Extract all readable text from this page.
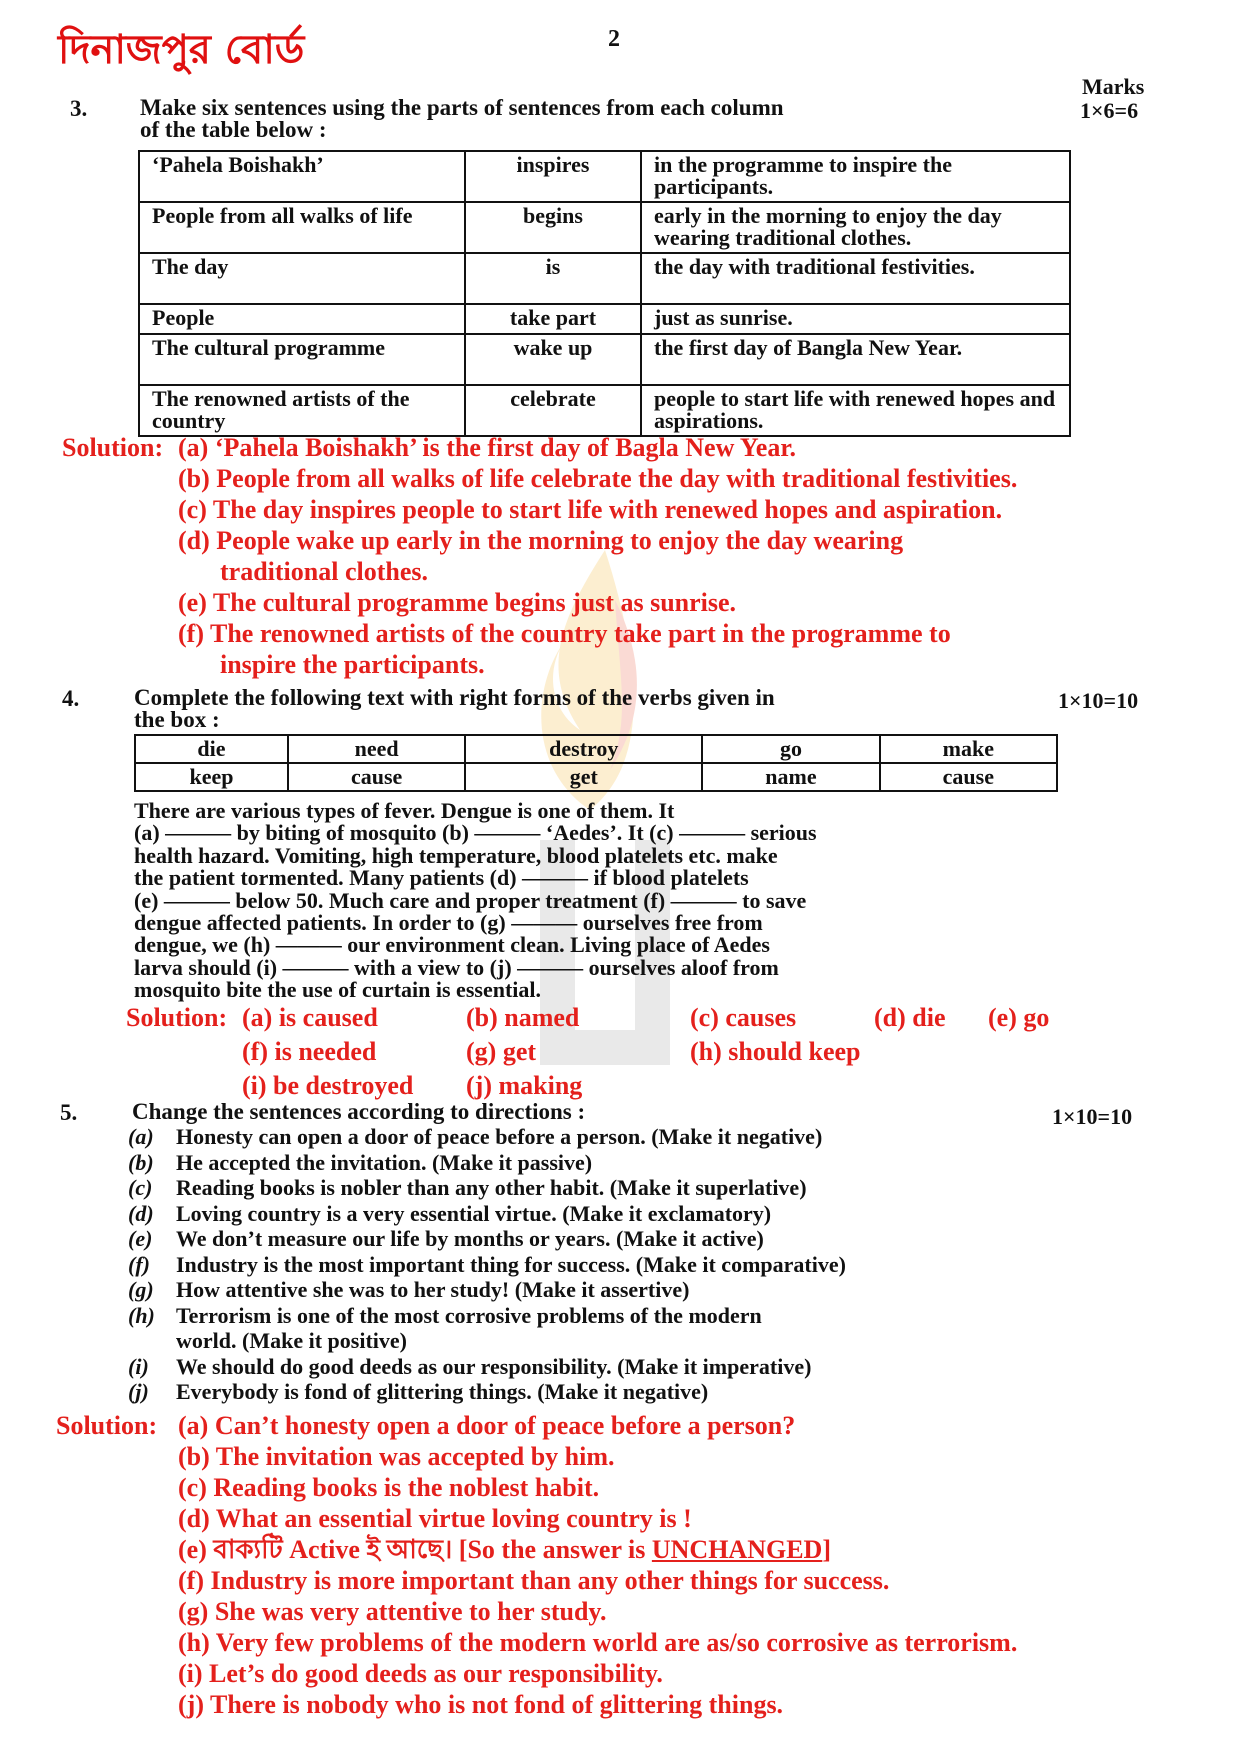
দিনাজপুর বোর্ড	2
Marks
3. Make six sentences using the parts of sentences from each column
of the table below :
1×6=6
‘Pahela Boishakh’	inspires	in the programme to inspire the participants.
People from all walks of life	begins	early in the morning to enjoy the day wearing traditional clothes.
The day	is	the day with traditional festivities.
People	take part	just as sunrise.
The cultural programme	wake up	the first day of Bangla New Year.
The renowned artists of the country	celebrate	people to start life with renewed hopes and aspirations.
Solution: (a) ‘Pahela Boishakh’ is the first day of Bagla New Year.
(b) People from all walks of life celebrate the day with traditional festivities.
(c) The day inspires people to start life with renewed hopes and aspiration.
(d) People wake up early in the morning to enjoy the day wearing
traditional clothes.
(e) The cultural programme begins just as sunrise.
(f) The renowned artists of the country take part in the programme to
inspire the participants.
4. Complete the following text with right forms of the verbs given in
the box :
1×10=10
die	need	destroy	go	make
keep	cause	get	name	cause
There are various types of fever. Dengue is one of them. It
(a) ——— by biting of mosquito (b) ——— ‘Aedes’. It (c) ——— serious
health hazard. Vomiting, high temperature, blood platelets etc. make
the patient tormented. Many patients (d) ——— if blood platelets
(e) ——— below 50. Much care and proper treatment (f) ——— to save
dengue affected patients. In order to (g) ——— ourselves free from
dengue, we (h) ——— our environment clean. Living place of Aedes
larva should (i) ——— with a view to (j) ——— ourselves aloof from
mosquito bite the use of curtain is essential.
Solution: (a) is caused	(b) named	(c) causes	(d) die (e) go
(f) is needed	(g) get	(h) should keep
(i) be destroyed (j) making
5. Change the sentences according to directions :	1×10=10
(a) Honesty can open a door of peace before a person. (Make it negative)
(b) He accepted the invitation. (Make it passive)
(c) Reading books is nobler than any other habit. (Make it superlative)
(d) Loving country is a very essential virtue. (Make it exclamatory)
(e) We don’t measure our life by months or years. (Make it active)
(f) Industry is the most important thing for success. (Make it comparative)
(g) How attentive she was to her study! (Make it assertive)
(h) Terrorism is one of the most corrosive problems of the modern
world. (Make it positive)
(i) We should do good deeds as our responsibility. (Make it imperative)
(j) Everybody is fond of glittering things. (Make it negative)
Solution: (a) Can’t honesty open a door of peace before a person?
(b) The invitation was accepted by him.
(c) Reading books is the noblest habit.
(d) What an essential virtue loving country is !
(e) বাক্যটি Active ই আছে। [So the answer is UNCHANGED]
(f) Industry is more important than any other things for success.
(g) She was very attentive to her study.
(h) Very few problems of the modern world are as/so corrosive as terrorism.
(i) Let’s do good deeds as our responsibility.
(j) There is nobody who is not fond of glittering things.
